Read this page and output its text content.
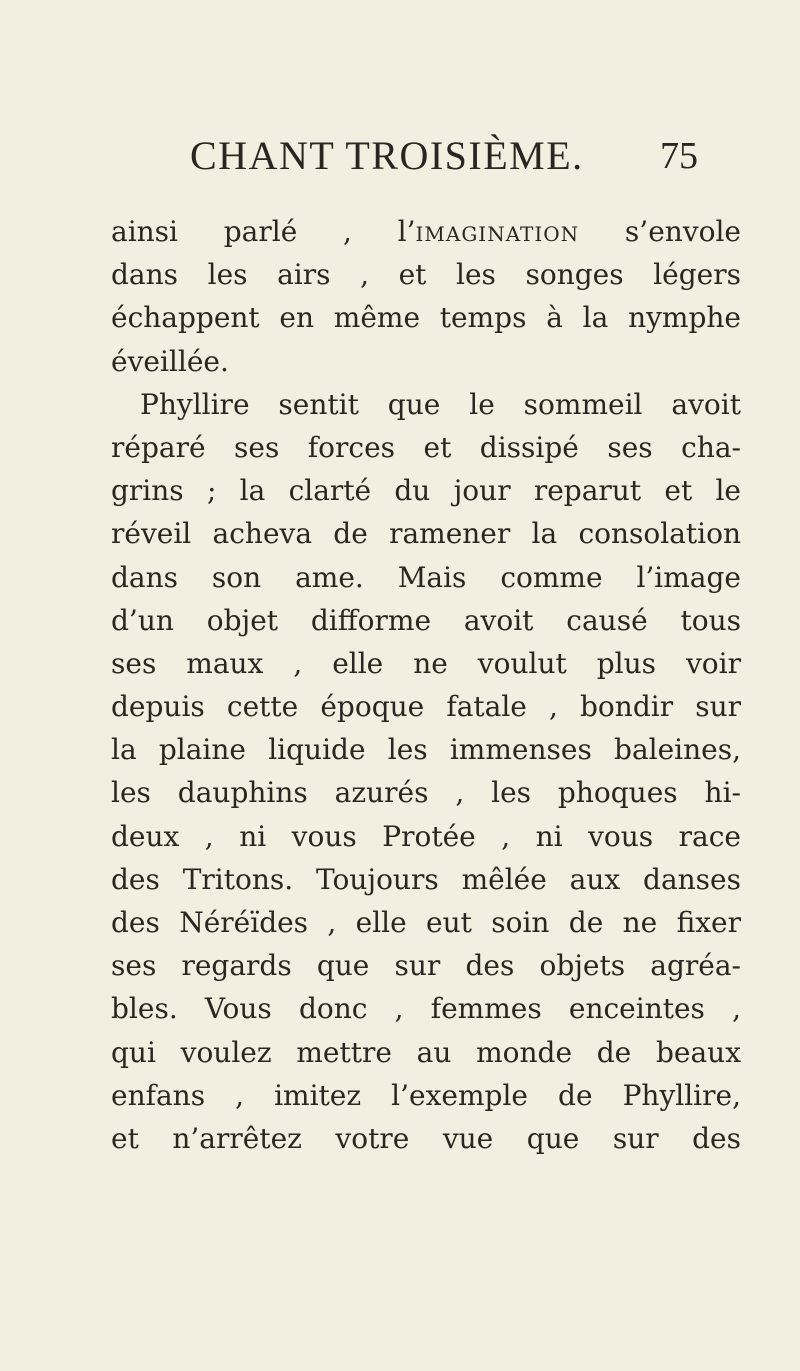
CHANT TROISIÈME. 75
ainsi parlé , l’imagination s’envole
dans les airs , et les songes légers
échappent en même temps à la nymphe
éveillée.
Phyllire sentit que le sommeil avoit
réparé ses forces et dissipé ses cha-
grins ; la clarté du jour reparut et le
réveil acheva de ramener la consolation
dans son ame. Mais comme l’image
d’un objet difforme avoit causé tous
ses maux , elle ne voulut plus voir
depuis cette époque fatale , bondir sur
la plaine liquide les immenses baleines,
les dauphins azurés , les phoques hi-
deux , ni vous Protée , ni vous race
des Tritons. Toujours mêlée aux danses
des Néréïdes , elle eut soin de ne fixer
ses regards que sur des objets agréa-
bles. Vous donc , femmes enceintes ,
qui voulez mettre au monde de beaux
enfans , imitez l’exemple de Phyllire,
et n’arrêtez votre vue que sur des
